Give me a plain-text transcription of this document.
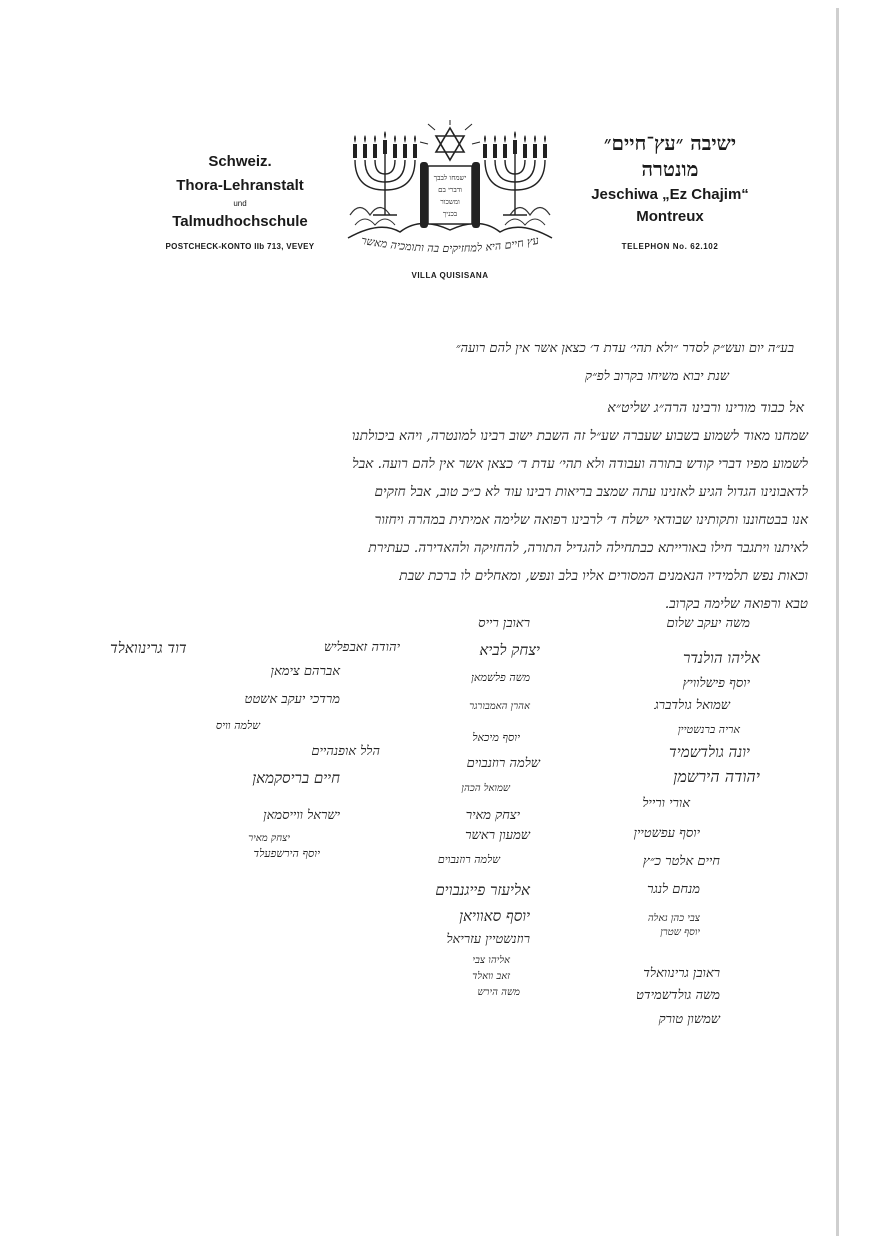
Schweiz.
Thora-Lehranstalt
und
Talmudhochschule
POSTCHECK-KONTO IIb 713, VEVEY
ישמחו לבבך
ודברי בם
ומשכור
בכניך
עץ חיים היא למחזיקים בה ותומכיה מאשר
VILLA QUISISANA
ישיבה ״עץ־חיים״
מונטרה
Jeschiwa „Ez Chajim“
Montreux
TELEPHON No. 62.102
בע״ה יום ועש״ק לסדר ״ולא תהי׳ עדת ד׳ כצאן אשר אין להם רועה״
שנת יבוא משיחו בקרוב לפ״ק
אל כבוד מורינו ורבינו הרה״ג שליט״א
שמחנו מאוד לשמוע בשבוע שעברה שע״ל זה השבת ישוב רבינו למונטרה, ויהא ביכולתנו
לשמוע מפיו דברי קודש בתורה ועבודה ולא תהי׳ עדת ד׳ כצאן אשר אין להם רועה. אבל
לדאבונינו הגדול הגיע לאזנינו עתה שמצב בריאות רבינו עוד לא כ״כ טוב, אבל חזקים
אנו בבטחוננו ותקותינו שבודאי ישלח ד׳ לרבינו רפואה שלימה אמיתית במהרה ויחזור
לאיתנו ויתגבר חילו באורייתא כבתחילה להגדיל התורה, להחזיקה ולהאדירה. כעתירת
וכאות נפש תלמידיו הנאמנים המסורים אליו בלב ונפש, ומאחלים לו ברכת שבת
טבא ורפואה שלימה בקרוב.
משה יעקב שלום
אליהו הולנדר
יוסף פישלוויץ
שמואל גולדברג
אריה ברנשטיין
יונה גולדשמיד
יהודה הירשמן
אורי ורייל
יוסף עפשטיין
חיים אלטר כ״ץ
מנחם לנגר
צבי כהן גאלה
יוסף שטרן
ראובן גרינוואלד
משה גולדשמידט
שמשון טורק
ראובן רייס
יצחק לביא
משה פלשמאן
אהרן האמבורגר
יוסף מיכאל
שלמה רוזנבוים
שמואל הכהן
יצחק מאיר
שמעון ראשר
שלמה רוזנבוים
אליעזר פייגנבוים
יוסף סאוויאן
רוזנשטיין עזריאל
אליהו צבי
זאב וואלד
משה הירש
דוד גרינוואלד	יהודה זאבפליש
אברהם צימאן
מרדכי יעקב אשטט
שלמה וויס
הלל אופנהיים
חיים בריסקמאן
ישראל ווייסמאן
יצחק מאיר
יוסף הירשפעלד
